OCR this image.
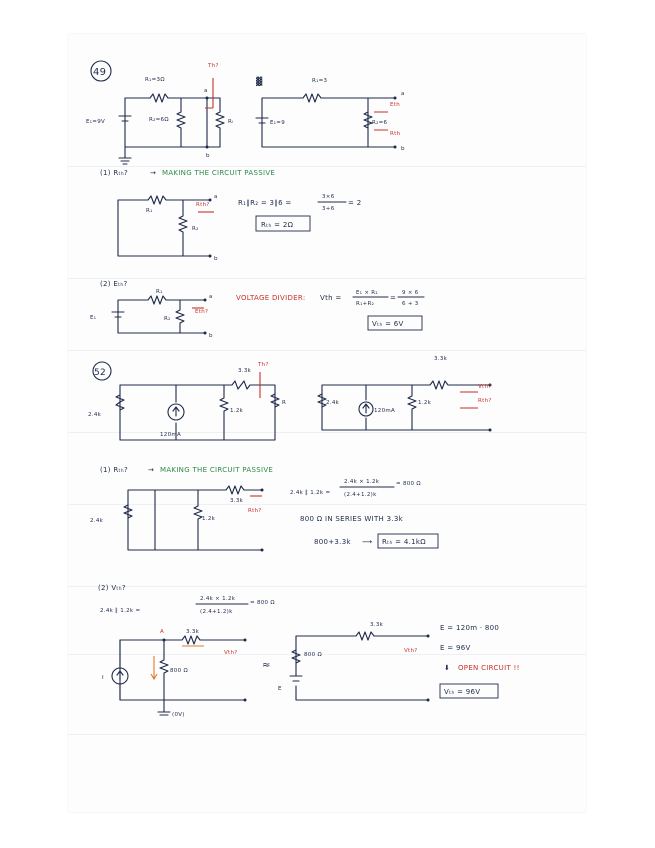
49
R₁=3Ω
R₂=6Ω
E₁=9V
Th?
Rₗ
a
b
▓	R₁=3
E₁=9	R₂=6
Eth
Rth
a
b
(1) Rₜₕ?	→ MAKING THE CIRCUIT PASSIVE
R₁
R₂
Rth?
a
b
R₁∥R₂ = 3∥6 =
3×6
3+6
= 2
Rₜₕ = 2Ω
(2) Eₜₕ?
R₁
R₂
E₁
Eth?
a
b
VOLTAGE DIVIDER: Vth =
E₁ × R₂
R₁+R₂
=
9 × 6
6 + 3
Vₜₕ = 6V
52	3.3k
Th?
R
2.4k
1.2k
120mA
3.3k
Vth?
Rth?
2.4k	1.2k
120mA
(1) Rₜₕ?	→ MAKING THE CIRCUIT PASSIVE
3.3k
Rth?
2.4k	1.2k
2.4k ∥ 1.2k =
2.4k × 1.2k
(2.4+1.2)k
= 800 Ω
800 Ω IN SERIES WITH 3.3k
800+3.3k ⟶ Rₜₕ = 4.1kΩ
(2) Vₜₕ?
2.4k ∥ 1.2k =
2.4k × 1.2k
(2.4+1.2)k
= 800 Ω
A	3.3k
Vth?
800 Ω
I
(0V)
≈
3.3k
800 Ω
E
Vth?
E = 120m · 800
E = 96V
⬇ OPEN CIRCUIT !!
Vₜₕ = 96V
